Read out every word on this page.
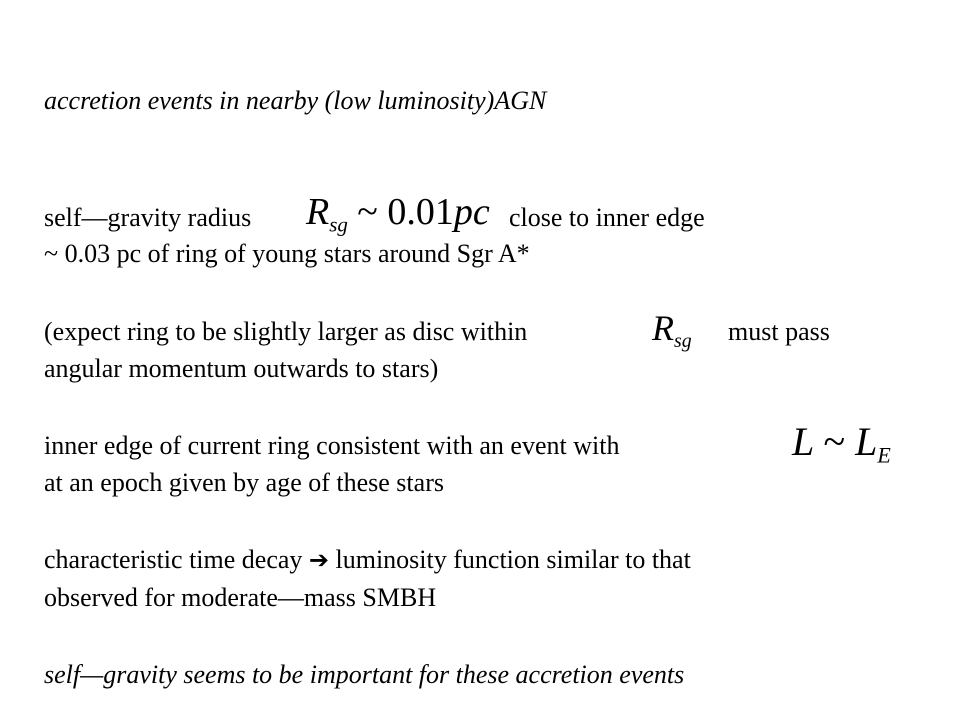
accretion events in nearby (low luminosity)AGN
self—gravity radius $R_{sg}$ ~ 0.01pc close to inner edge
~ 0.03 pc of ring of young stars around Sgr A*
(expect ring to be slightly larger as disc within	$R_{sg}$ must pass
angular momentum outwards to stars)
inner edge of current ring consistent with an event with	L ~ $L_E$
at an epoch given by age of these stars
characteristic time decay ➔ luminosity function similar to that
observed for moderate—mass SMBH
self—gravity seems to be important for these accretion events
